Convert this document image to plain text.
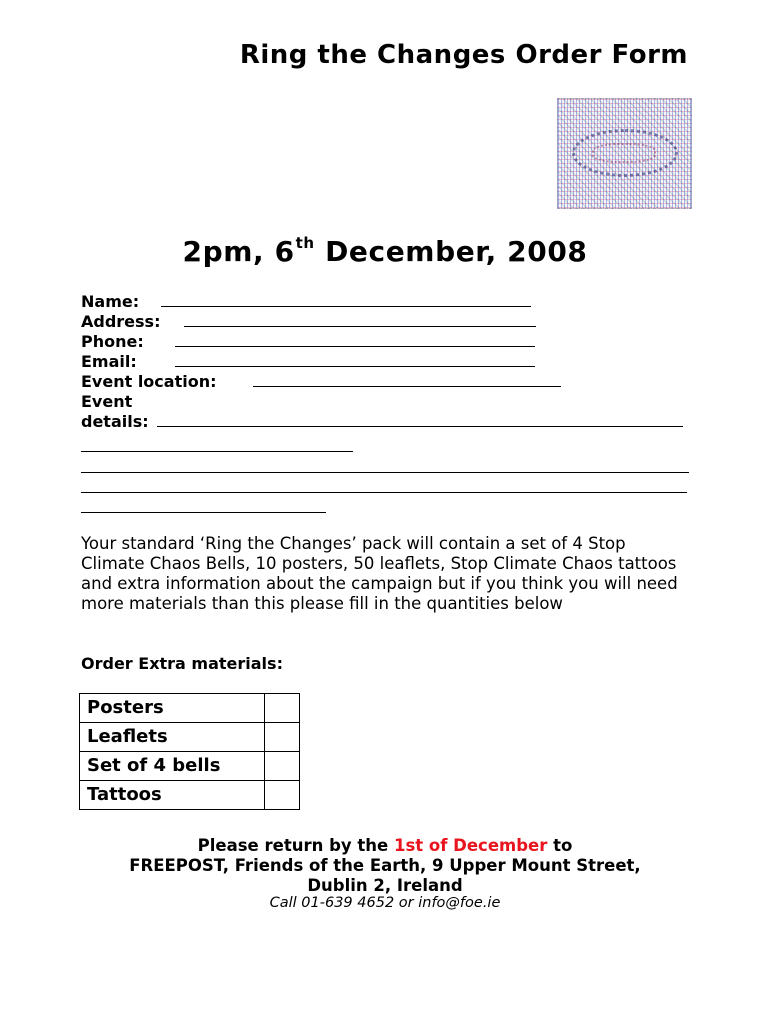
Ring the Changes Order Form
2pm, 6th December, 2008
Name:
Address:
Phone:
Email:
Event location:
Event
details:
Your standard ‘Ring the Changes’ pack will contain a set of 4 Stop Climate Chaos Bells, 10 posters, 50 leaflets, Stop Climate Chaos tattoos and extra information about the campaign but if you think you will need more materials than this please fill in the quantities below
Order Extra materials:
Posters	
Leaflets	
Set of 4 bells	
Tattoos	
Please return by the 1st of December to
FREEPOST, Friends of the Earth, 9 Upper Mount Street,
Dublin 2, Ireland
Call 01-639 4652 or info@foe.ie
